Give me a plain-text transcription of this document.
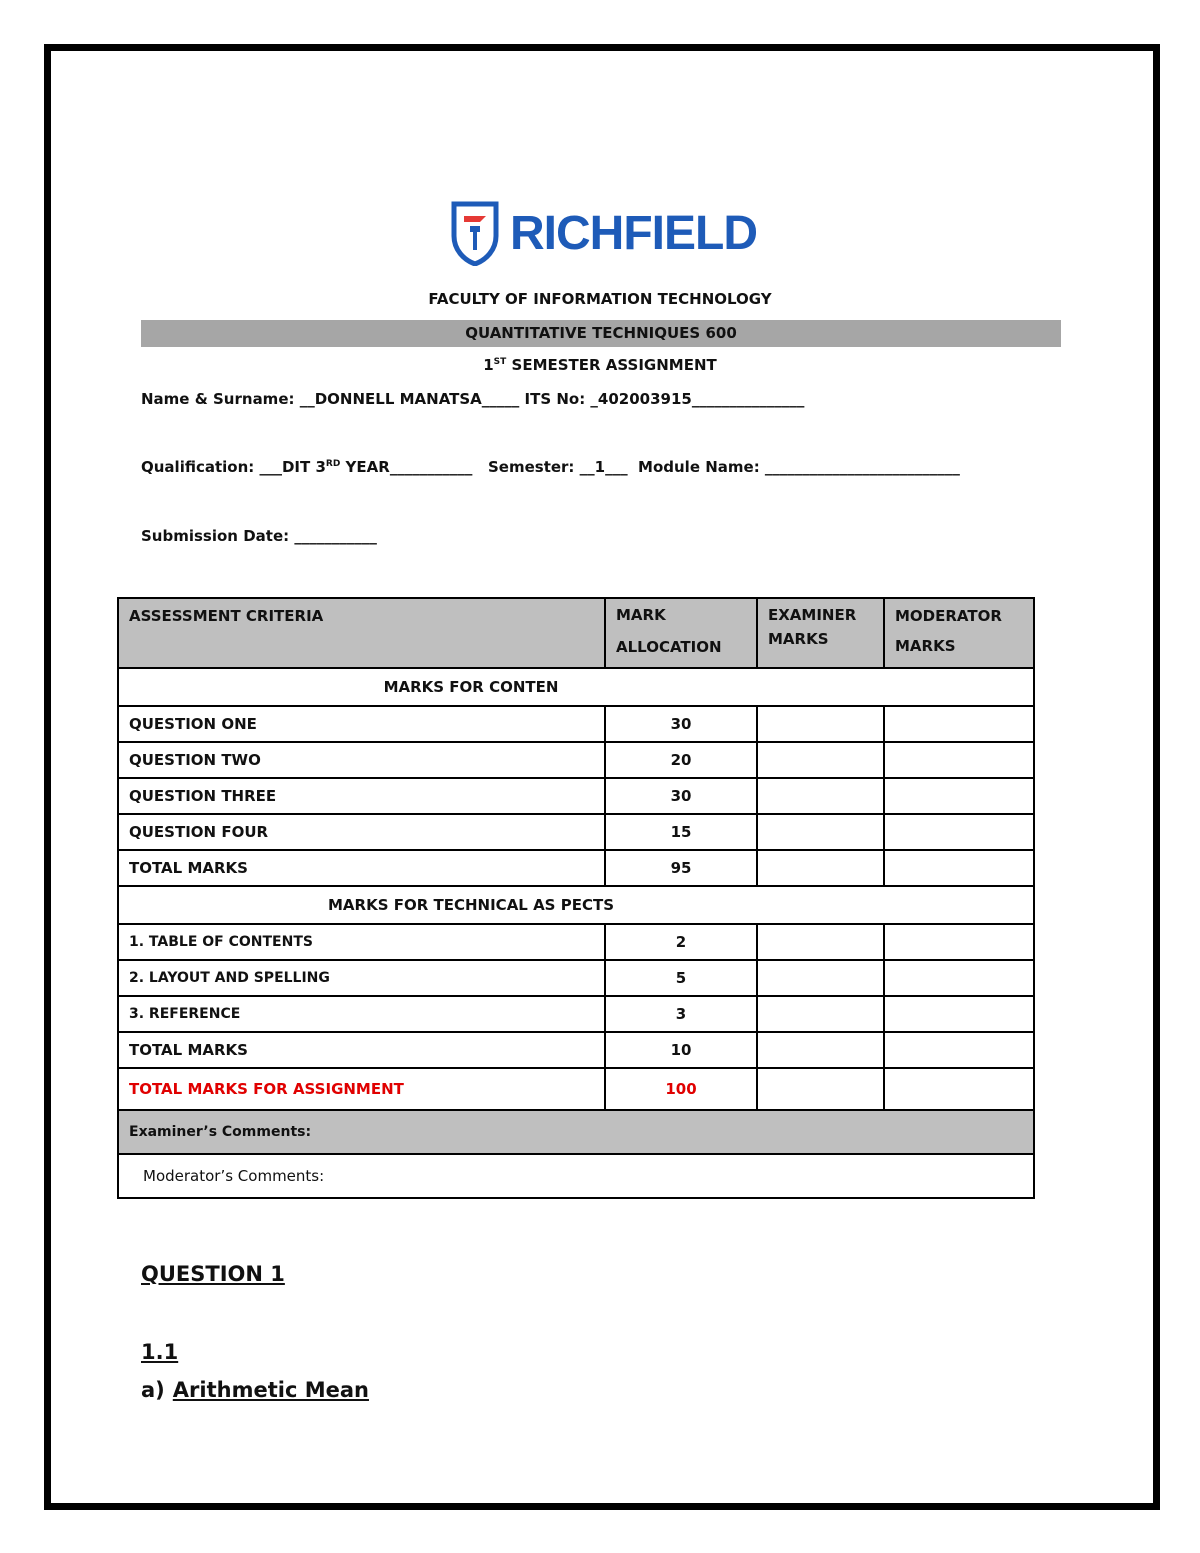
RICHFIELD
FACULTY OF INFORMATION TECHNOLOGY
QUANTITATIVE TECHNIQUES 600
1ST SEMESTER ASSIGNMENT
Name & Surname: __DONNELL MANATSA_____ ITS No: _402003915_______________
Qualification: ___DIT 3RD YEAR___________   Semester: __1___  Module Name: __________________________
Submission Date: ___________
ASSESSMENT CRITERIA	MARK ALLOCATION	EXAMINER MARKS	MODERATOR MARKS
MARKS FOR CONTEN			
QUESTION ONE	30		
QUESTION TWO	20		
QUESTION THREE	30		
QUESTION FOUR	15		
TOTAL MARKS	95		
MARKS FOR TECHNICAL AS PECTS			
1. TABLE OF CONTENTS	2		
2. LAYOUT AND SPELLING	5		
3. REFERENCE	3		
TOTAL MARKS	10		
TOTAL MARKS FOR ASSIGNMENT	100		
Examiner’s Comments:			
Moderator’s Comments:			
QUESTION 1
1.1
a) Arithmetic Mean
